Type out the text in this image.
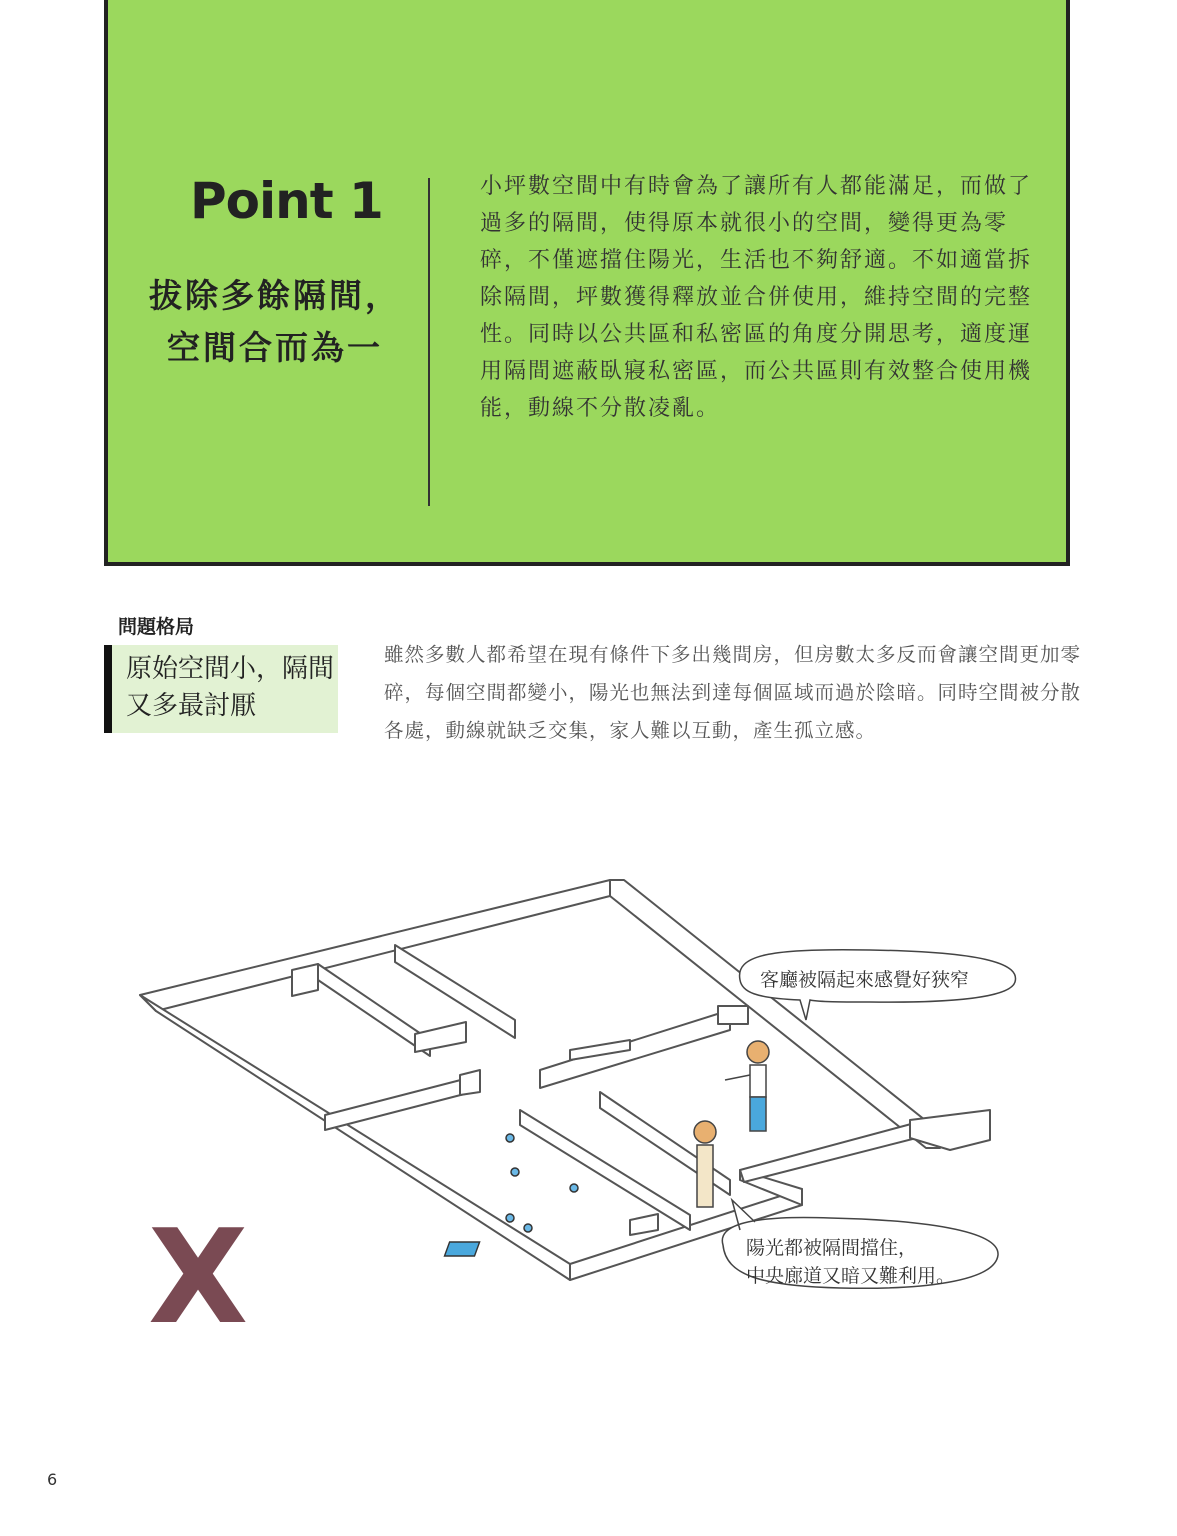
Point 1
拔除多餘隔間，空間合而為一

小坪數空間中有時會為了讓所有人都能滿足，而做了過多的隔間，使得原本就很小的空間，變得更為零碎，不僅遮擋住陽光，生活也不夠舒適。不如適當拆除隔間，坪數獲得釋放並合併使用，維持空間的完整性。同時以公共區和私密區的角度分開思考，適度運用隔間遮蔽臥寢私密區，而公共區則有效整合使用機能，動線不分散凌亂。

問題格局

原始空間小，隔間又多最討厭

雖然多數人都希望在現有條件下多出幾間房，但房數太多反而會讓空間更加零碎，每個空間都變小，陽光也無法到達每個區域而過於陰暗。同時空間被分散各處，動線就缺乏交集，家人難以互動，產生孤立感。

客廳被隔起來感覺好狹窄
陽光都被隔間擋住，
中央廊道又暗又難利用。

X

6
